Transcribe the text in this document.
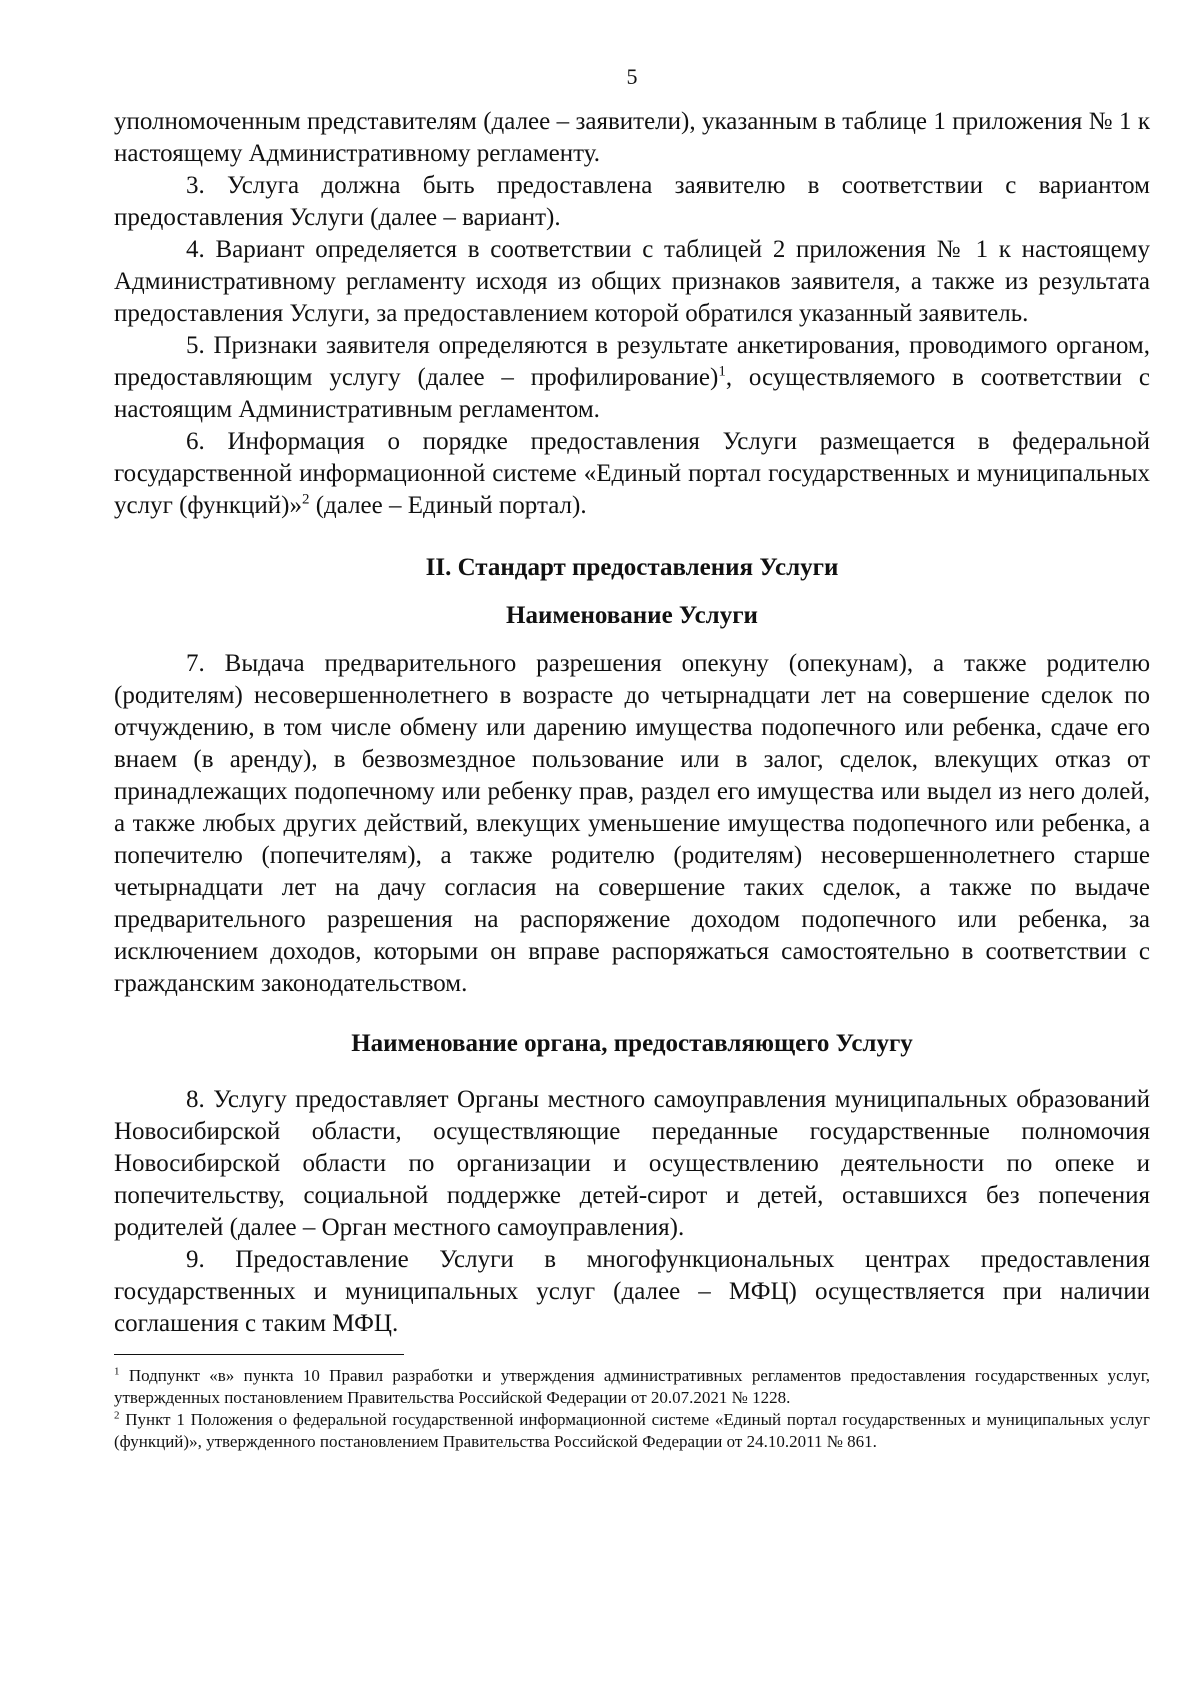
5

уполномоченным представителям (далее – заявители), указанным в таблице 1 приложения № 1 к настоящему Административному регламенту.

3. Услуга должна быть предоставлена заявителю в соответствии с вариантом предоставления Услуги (далее – вариант).

4. Вариант определяется в соответствии с таблицей 2 приложения № 1 к настоящему Административному регламенту исходя из общих признаков заявителя, а также из результата предоставления Услуги, за предоставлением которой обратился указанный заявитель.

5. Признаки заявителя определяются в результате анкетирования, проводимого органом, предоставляющим услугу (далее – профилирование)$^1$, осуществляемого в соответствии с настоящим Административным регламентом.

6. Информация о порядке предоставления Услуги размещается в федеральной государственной информационной системе «Единый портал государственных и муниципальных услуг (функций)»$^2$ (далее – Единый портал).

II. Стандарт предоставления Услуги
Наименование Услуги

7. Выдача предварительного разрешения опекуну (опекунам), а также родителю (родителям) несовершеннолетнего в возрасте до четырнадцати лет на совершение сделок по отчуждению, в том числе обмену или дарению имущества подопечного или ребенка, сдаче его внаем (в аренду), в безвозмездное пользование или в залог, сделок, влекущих отказ от принадлежащих подопечному или ребенку прав, раздел его имущества или выдел из него долей, а также любых других действий, влекущих уменьшение имущества подопечного или ребенка, а попечителю (попечителям), а также родителю (родителям) несовершеннолетнего старше четырнадцати лет на дачу согласия на совершение таких сделок, а также по выдаче предварительного разрешения на распоряжение доходом подопечного или ребенка, за исключением доходов, которыми он вправе распоряжаться самостоятельно в соответствии с гражданским законодательством.

Наименование органа, предоставляющего Услугу

8. Услугу предоставляет Органы местного самоуправления муниципальных образований Новосибирской области, осуществляющие переданные государственные полномочия Новосибирской области по организации и осуществлению деятельности по опеке и попечительству, социальной поддержке детей-сирот и детей, оставшихся без попечения родителей (далее – Орган местного самоуправления).

9. Предоставление Услуги в многофункциональных центрах предоставления государственных и муниципальных услуг (далее – МФЦ) осуществляется при наличии соглашения с таким МФЦ.

$^1$ Подпункт «в» пункта 10 Правил разработки и утверждения административных регламентов предоставления государственных услуг, утвержденных постановлением Правительства Российской Федерации от 20.07.2021 № 1228.

$^2$ Пункт 1 Положения о федеральной государственной информационной системе «Единый портал государственных и муниципальных услуг (функций)», утвержденного постановлением Правительства Российской Федерации от 24.10.2011 № 861.
